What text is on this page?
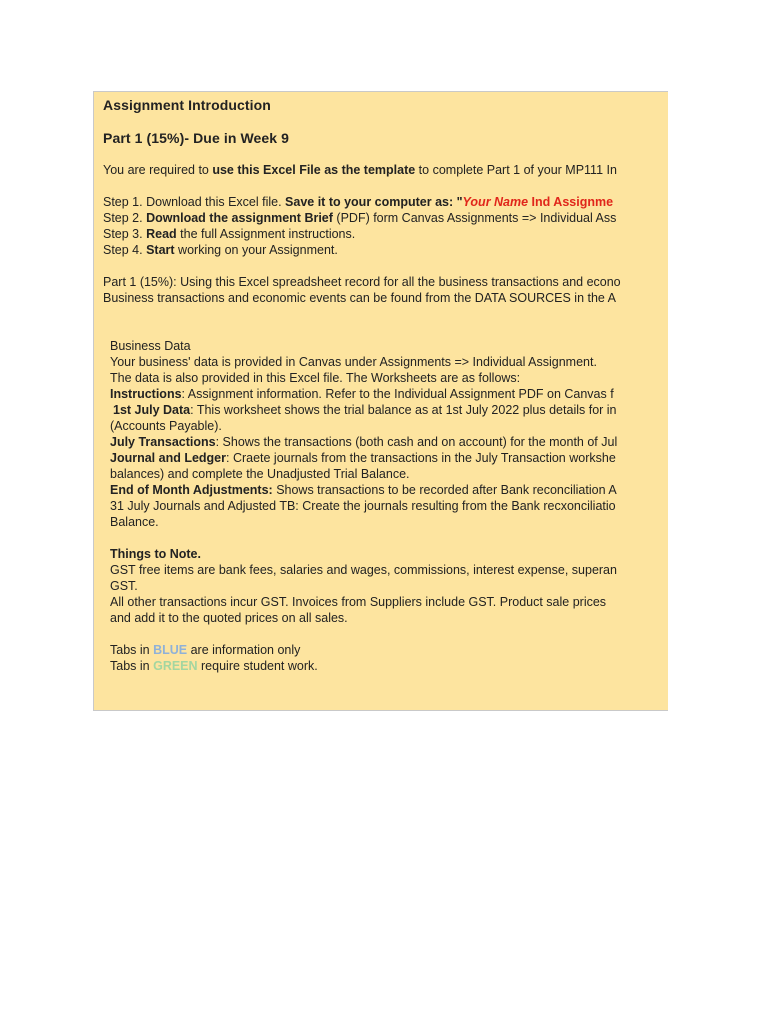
Assignment Introduction
Part 1 (15%)- Due in Week 9
You are required to use this Excel File as the template to complete Part 1 of your MP111 In
Step 1. Download this Excel file. Save it to your computer as: "Your Name Ind Assignme
Step 2. Download the assignment Brief (PDF) form Canvas Assignments => Individual Ass
Step 3. Read the full Assignment instructions.
Step 4. Start working on your Assignment.
Part 1 (15%): Using this Excel spreadsheet record for all the business transactions and econo
Business transactions and economic events can be found from the DATA SOURCES in the A
Business Data
Your business' data is provided in Canvas under Assignments => Individual Assignment.
The data is also provided in this Excel file. The Worksheets are as follows:
Instructions: Assignment information. Refer to the Individual Assignment PDF on Canvas f
1st July Data: This worksheet shows the trial balance as at 1st July 2022 plus details for in
(Accounts Payable).
July Transactions: Shows the transactions (both cash and on account) for the month of Jul
Journal and Ledger: Craete journals from the transactions in the July Transaction workshe
balances) and complete the Unadjusted Trial Balance.
End of Month Adjustments: Shows transactions to be recorded after Bank reconciliation A
31 July Journals and Adjusted TB: Create the journals resulting from the Bank recxonciliatio
Balance.
Things to Note.
GST free items are bank fees, salaries and wages, commissions, interest expense, superan
GST.
All other transactions incur GST. Invoices from Suppliers include GST. Product sale prices
and add it to the quoted prices on all sales.
Tabs in BLUE are information only
Tabs in GREEN require student work.
